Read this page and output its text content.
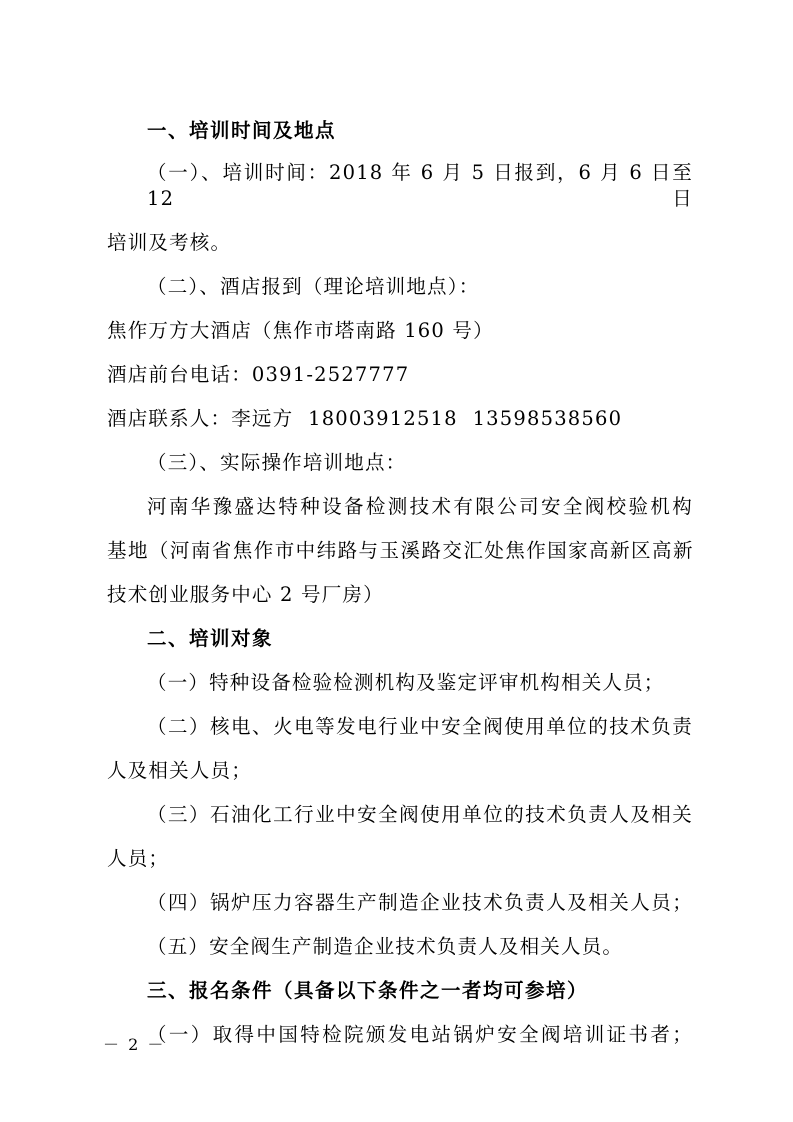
一、培训时间及地点
（一）、培训时间：2018 年 6 月 5 日报到，6 月 6 日至 12 日
培训及考核。
（二）、酒店报到（理论培训地点）：
焦作万方大酒店（焦作市塔南路 160 号）
酒店前台电话：0391-2527777
酒店联系人：李远方  18003912518  13598538560
（三）、实际操作培训地点：
河南华豫盛达特种设备检测技术有限公司安全阀校验机构
基地（河南省焦作市中纬路与玉溪路交汇处焦作国家高新区高新
技术创业服务中心 2 号厂房）
二、培训对象
（一）特种设备检验检测机构及鉴定评审机构相关人员；
（二）核电、火电等发电行业中安全阀使用单位的技术负责
人及相关人员；
（三）石油化工行业中安全阀使用单位的技术负责人及相关
人员；
（四）锅炉压力容器生产制造企业技术负责人及相关人员；
（五）安全阀生产制造企业技术负责人及相关人员。
三、报名条件（具备以下条件之一者均可参培）
（一）取得中国特检院颁发电站锅炉安全阀培训证书者；
－ 2 －
